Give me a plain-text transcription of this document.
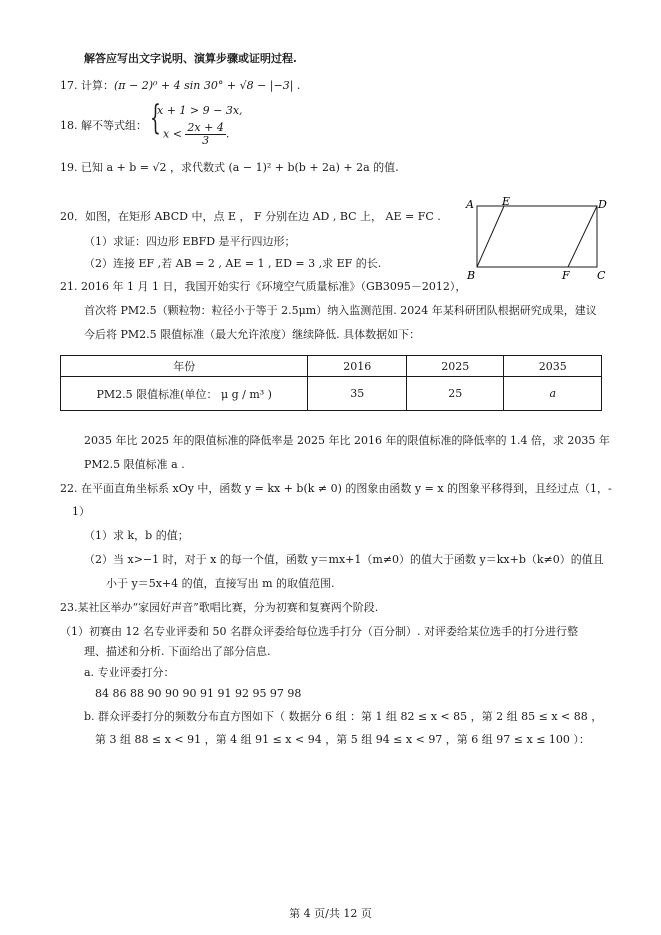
解答应写出文字说明、演算步骤或证明过程.
17. 计算：(π − 2)⁰ + 4 sin 30° + √8 − |−3| .
18. 解不等式组： {
x + 1 > 9 − 3x,
$x < \frac{2x + 4}{3}$ .
19. 已知 a + b = √2 ，求代数式 (a − 1)² + b(b + 2a) + 2a 的值.
20．如图，在矩形 ABCD 中，点 E ， F 分别在边 AD , BC 上， AE = FC .
（1）求证：四边形 EBFD 是平行四边形；
（2）连接 EF ,若 AB = 2 , AE = 1 , ED = 3 ,求 EF 的长.
A	E	D
B	F C
21. 2016 年 1 月 1 日，我国开始实行《环境空气质量标准》（GB3095－2012），
首次将 PM2.5（颗粒物：粒径小于等于 2.5μm）纳入监测范围. 2024 年某科研团队根据研究成果，建议
今后将 PM2.5 限值标准（最大允许浓度）继续降低. 具体数据如下：
年份	2016	2025	2035
PM2.5 限值标准(单位： μ g / m³ )	35	25	a
2035 年比 2025 年的限值标准的降低率是 2025 年比 2016 年的限值标准的降低率的 1.4 倍，求 2035 年
PM2.5 限值标准 a .
22. 在平面直角坐标系 xOy 中，函数 y = kx + b(k ≠ 0) 的图象由函数 y = x 的图象平移得到，且经过点（1，-
1）
（1）求 k，b 的值；
（2）当 x>−1 时，对于 x 的每一个值，函数 y＝mx+1（m≠0）的值大于函数 y＝kx+b（k≠0）的值且
小于 y＝5x+4 的值，直接写出 m 的取值范围.
23.某社区举办“家园好声音”歌唱比赛，分为初赛和复赛两个阶段.
（1）初赛由 12 名专业评委和 50 名群众评委给每位选手打分（百分制）. 对评委给某位选手的打分进行整
理、描述和分析. 下面给出了部分信息.
a. 专业评委打分：
84 86 88 90 90 90 91 91 92 95 97 98
b. 群众评委打分的频数分布直方图如下（ 数据分 6 组 ：第 1 组 82 ≤ x < 85 ，第 2 组 85 ≤ x < 88 ，
第 3 组 88 ≤ x < 91 ，第 4 组 91 ≤ x < 94 ，第 5 组 94 ≤ x < 97 ，第 6 组 97 ≤ x ≤ 100 ）：
第 4 页/共 12 页
